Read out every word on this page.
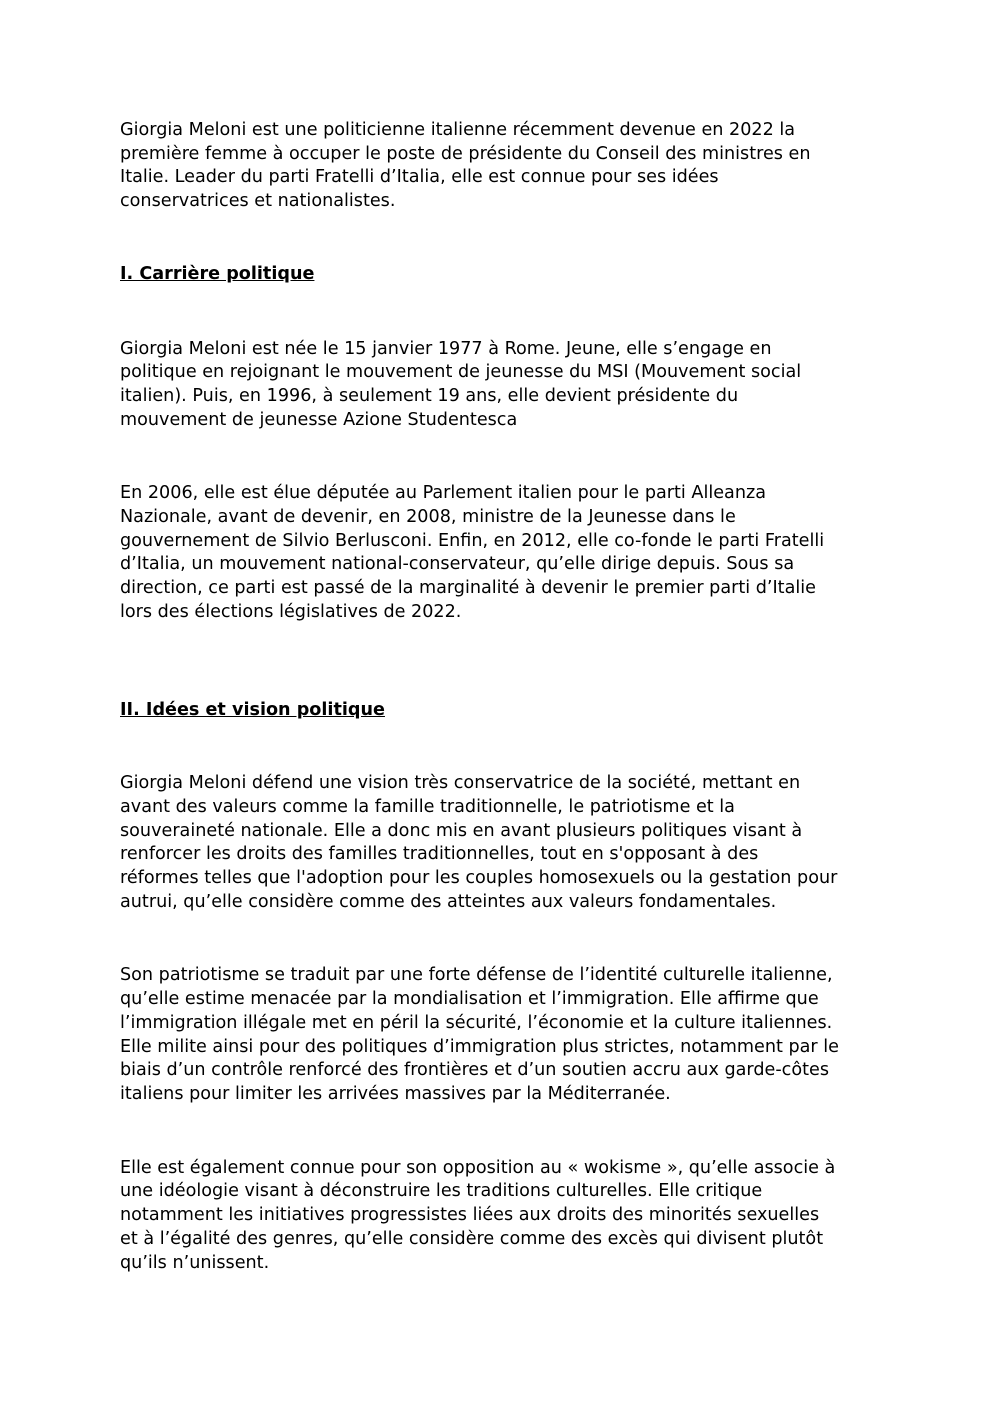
Giorgia Meloni est une politicienne italienne récemment devenue en 2022 la
première femme à occuper le poste de présidente du Conseil des ministres en
Italie. Leader du parti Fratelli d’Italia, elle est connue pour ses idées
conservatrices et nationalistes.

I. Carrière politique

Giorgia Meloni est née le 15 janvier 1977 à Rome. Jeune, elle s’engage en
politique en rejoignant le mouvement de jeunesse du MSI (Mouvement social
italien). Puis, en 1996, à seulement 19 ans, elle devient présidente du
mouvement de jeunesse Azione Studentesca

En 2006, elle est élue députée au Parlement italien pour le parti Alleanza
Nazionale, avant de devenir, en 2008, ministre de la Jeunesse dans le
gouvernement de Silvio Berlusconi. Enfin, en 2012, elle co-fonde le parti Fratelli
d’Italia, un mouvement national-conservateur, qu’elle dirige depuis. Sous sa
direction, ce parti est passé de la marginalité à devenir le premier parti d’Italie
lors des élections législatives de 2022.

II. Idées et vision politique

Giorgia Meloni défend une vision très conservatrice de la société, mettant en
avant des valeurs comme la famille traditionnelle, le patriotisme et la
souveraineté nationale. Elle a donc mis en avant plusieurs politiques visant à
renforcer les droits des familles traditionnelles, tout en s'opposant à des
réformes telles que l'adoption pour les couples homosexuels ou la gestation pour
autrui, qu’elle considère comme des atteintes aux valeurs fondamentales.

Son patriotisme se traduit par une forte défense de l’identité culturelle italienne,
qu’elle estime menacée par la mondialisation et l’immigration. Elle affirme que
l’immigration illégale met en péril la sécurité, l’économie et la culture italiennes.
Elle milite ainsi pour des politiques d’immigration plus strictes, notamment par le
biais d’un contrôle renforcé des frontières et d’un soutien accru aux garde-côtes
italiens pour limiter les arrivées massives par la Méditerranée.

Elle est également connue pour son opposition au « wokisme », qu’elle associe à
une idéologie visant à déconstruire les traditions culturelles. Elle critique
notamment les initiatives progressistes liées aux droits des minorités sexuelles
et à l’égalité des genres, qu’elle considère comme des excès qui divisent plutôt
qu’ils n’unissent.
